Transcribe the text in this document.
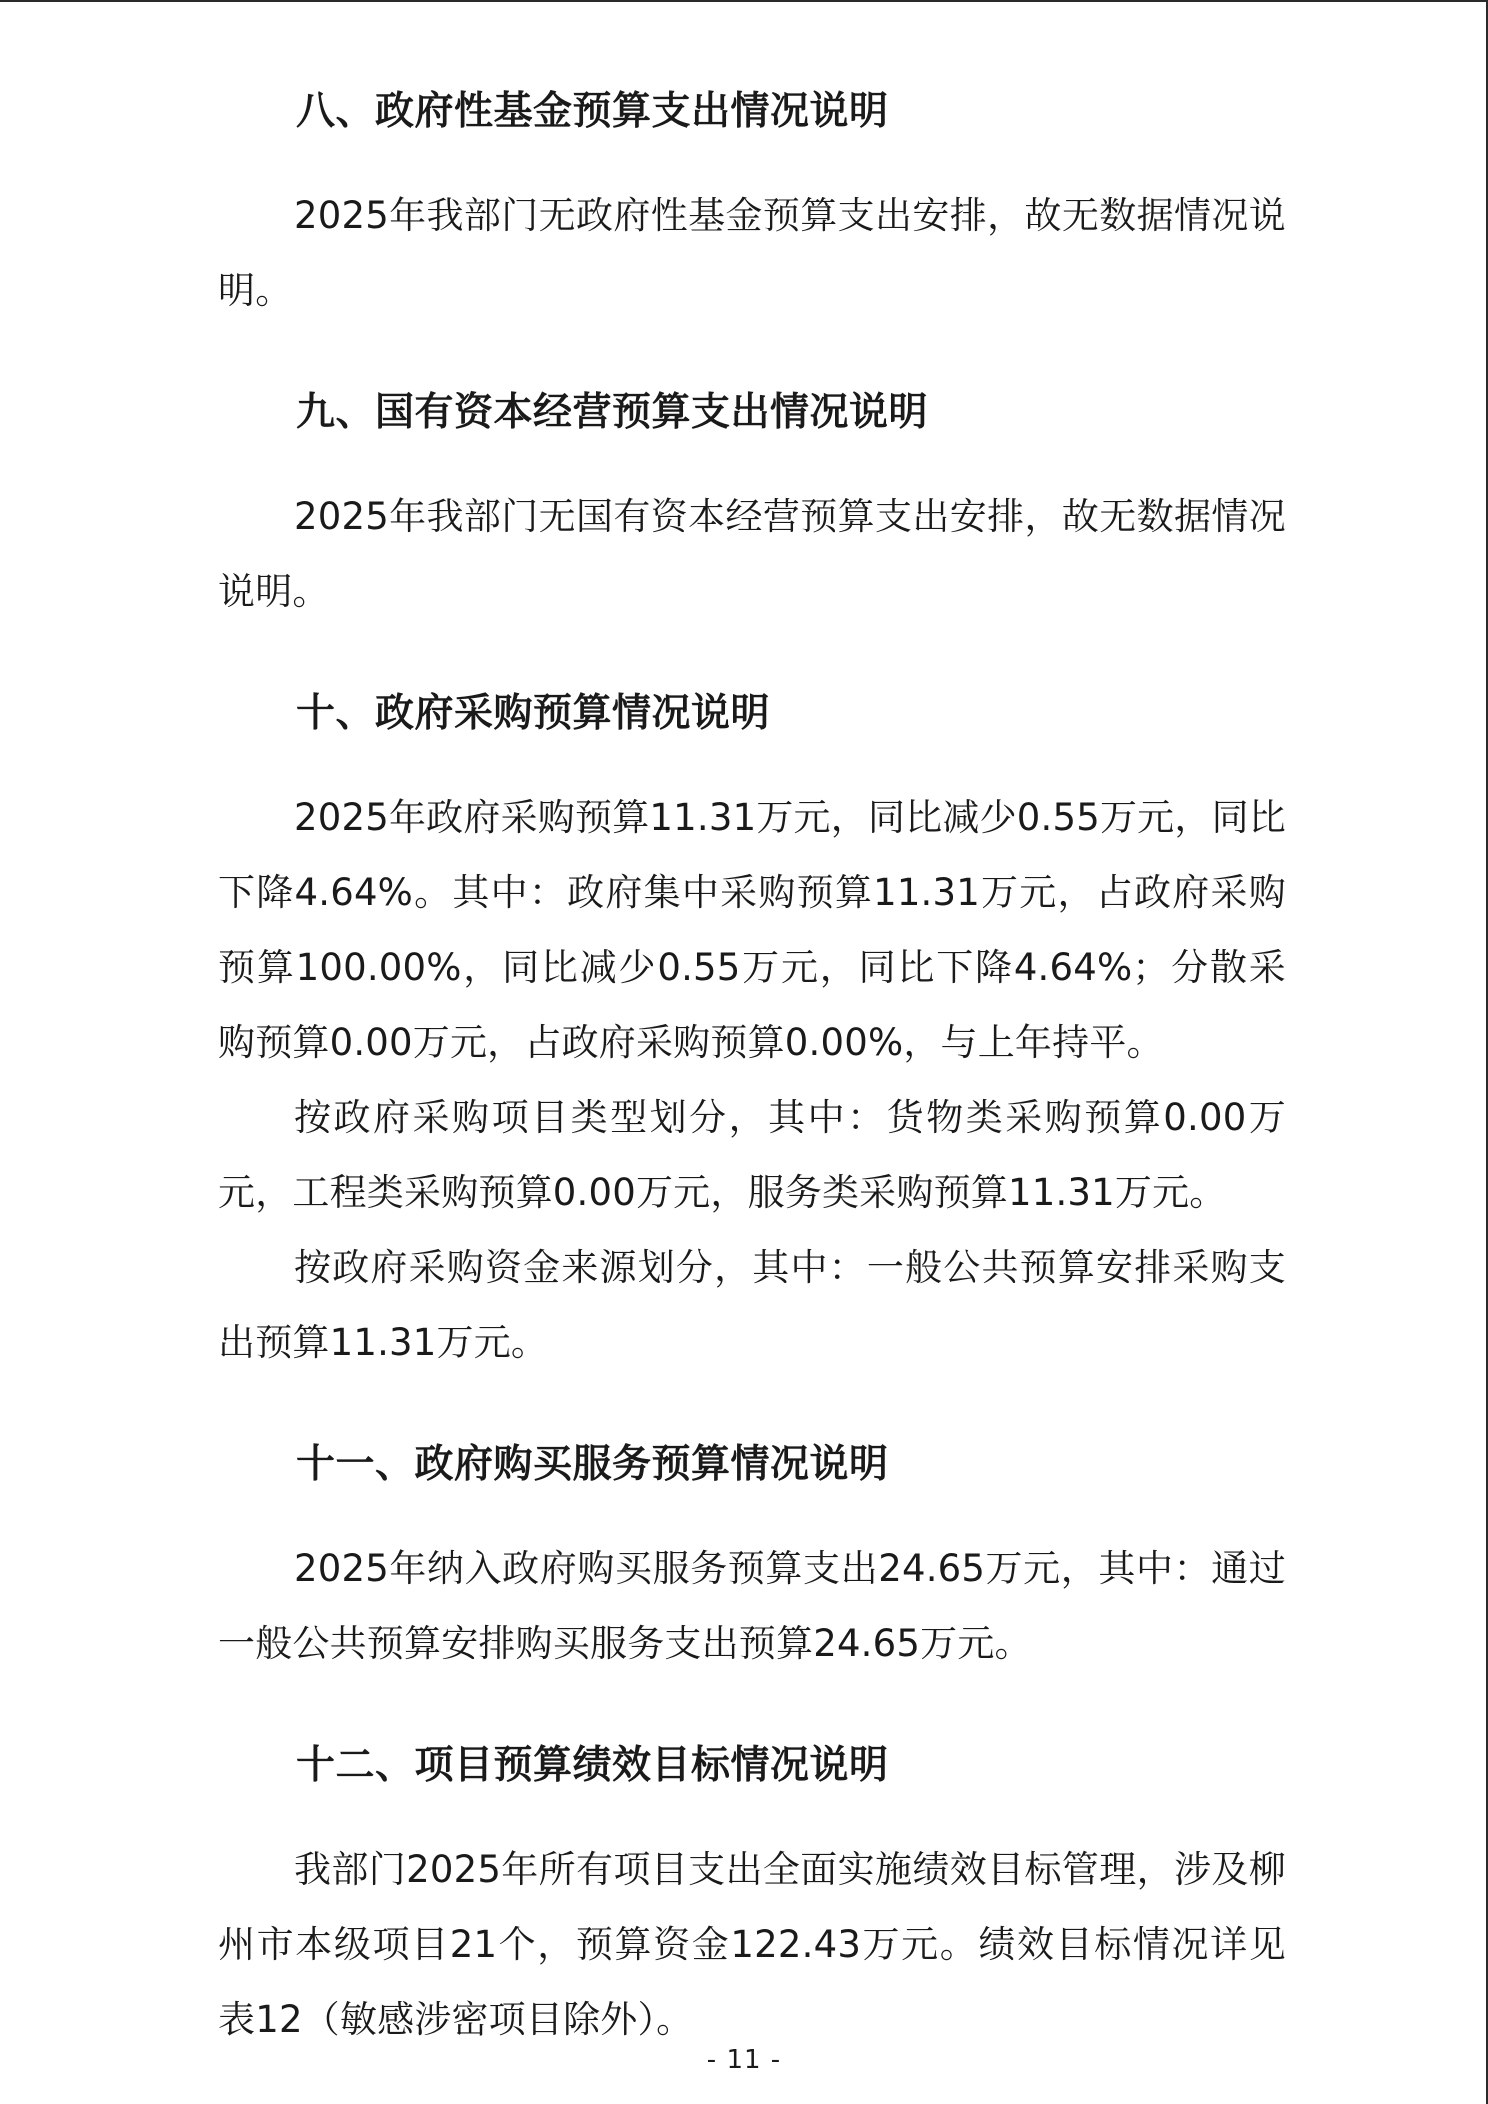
八、政府性基金预算支出情况说明

2025年我部门无政府性基金预算支出安排，故无数据情况说明。

九、国有资本经营预算支出情况说明

2025年我部门无国有资本经营预算支出安排，故无数据情况说明。

十、政府采购预算情况说明

2025年政府采购预算11.31万元，同比减少0.55万元，同比下降4.64%。其中：政府集中采购预算11.31万元，占政府采购预算100.00%，同比减少0.55万元，同比下降4.64%；分散采购预算0.00万元，占政府采购预算0.00%，与上年持平。

按政府采购项目类型划分，其中：货物类采购预算0.00万元，工程类采购预算0.00万元，服务类采购预算11.31万元。

按政府采购资金来源划分，其中：一般公共预算安排采购支出预算11.31万元。

十一、政府购买服务预算情况说明

2025年纳入政府购买服务预算支出24.65万元，其中：通过一般公共预算安排购买服务支出预算24.65万元。

十二、项目预算绩效目标情况说明

我部门2025年所有项目支出全面实施绩效目标管理，涉及柳州市本级项目21个，预算资金122.43万元。绩效目标情况详见表12（敏感涉密项目除外）。

- 11 -
